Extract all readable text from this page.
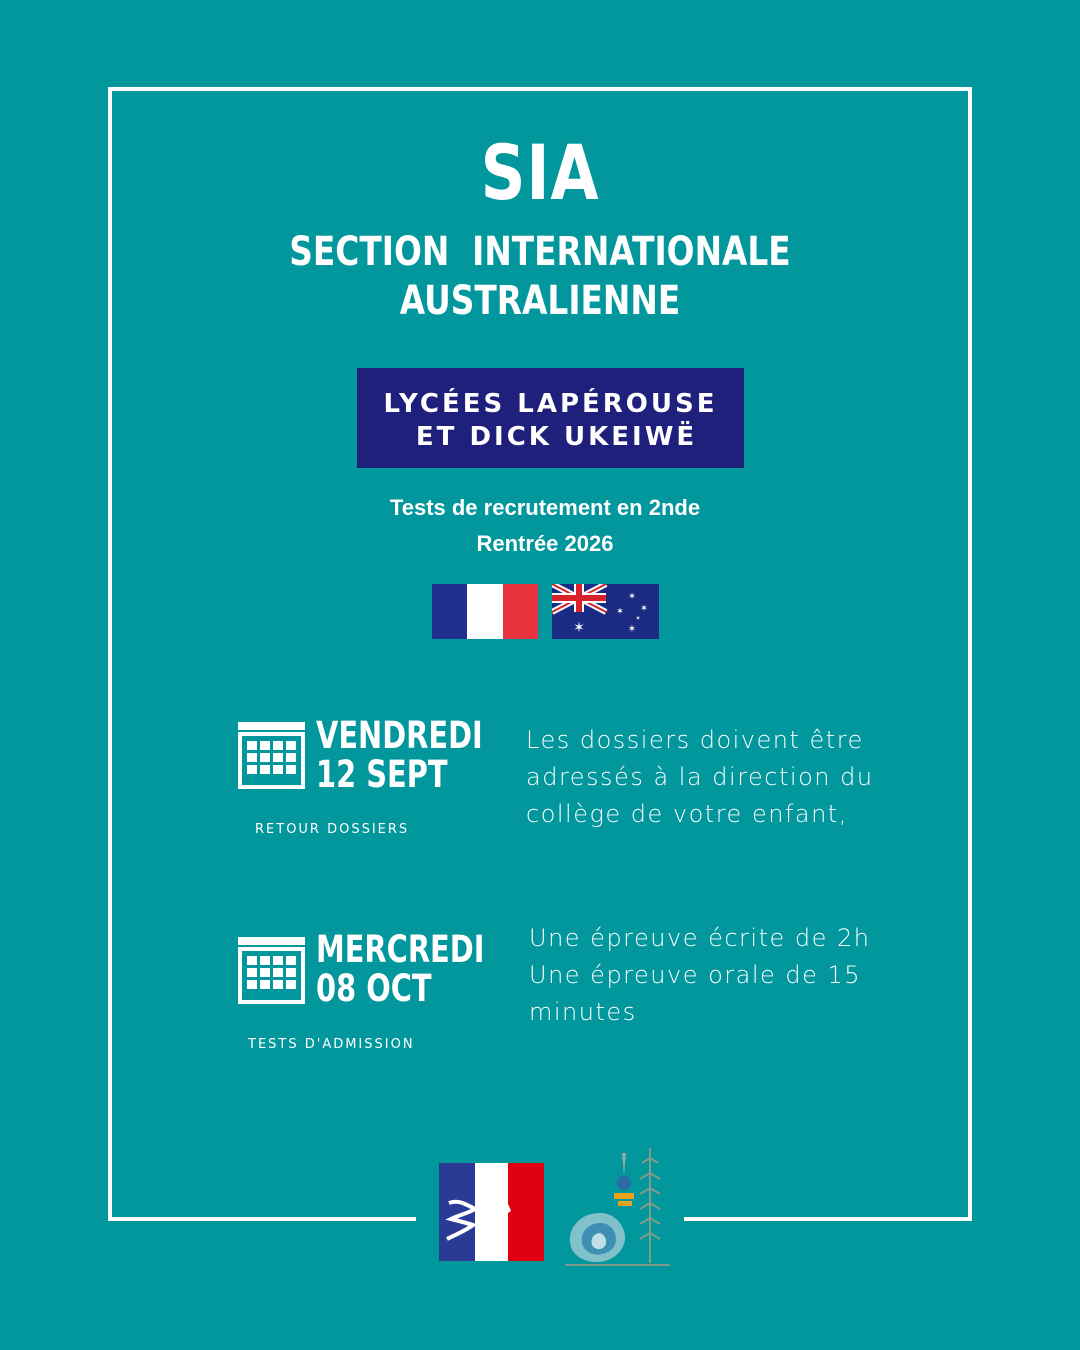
SIA
SECTION  INTERNATIONALE
AUSTRALIENNE
LYCÉES LAPÉROUSE
ET DICK UKEIWË
Tests de recrutement en 2nde
Rentrée 2026
✶	✶
✶
✶
✶
✶
VENDREDI
12 SEPT
RETOUR DOSSIERS
Les dossiers doivent être
adressés à la direction du
collège de votre enfant,
MERCREDI
08 OCT
TESTS D'ADMISSION
Une épreuve écrite de 2h
Une épreuve orale de 15
minutes
